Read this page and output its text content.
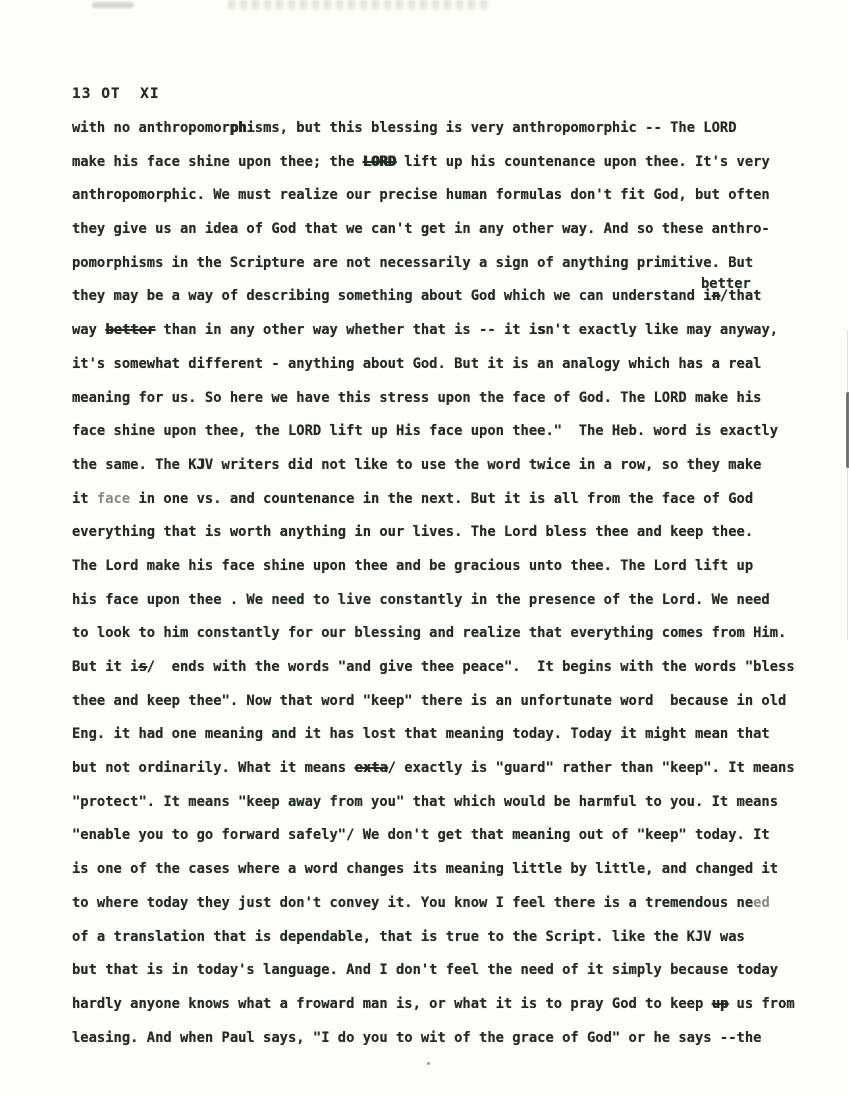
13 OT  XI
with no anthropomorphisms, but this blessing is very anthropomorphic -- The LORD
make his face shine upon thee; the LORD lift up his countenance upon thee. It's very
anthropomorphic. We must realize our precise human formulas don't fit God, but often
they give us an idea of God that we can't get in any other way. And so these anthro-
pomorphisms in the Scripture are not necessarily a sign of anything primitive. But
they may be a way of describing something about God which we can understand in/that
way better than in any other way whether that is -- it isn't exactly like may anyway,
it's somewhat different - anything about God. But it is an analogy which has a real
meaning for us. So here we have this stress upon the face of God. The LORD make his
face shine upon thee, the LORD lift up His face upon thee."  The Heb. word is exactly
the same. The KJV writers did not like to use the word twice in a row, so they make
it face in one vs. and countenance in the next. But it is all from the face of God
everything that is worth anything in our lives. The Lord bless thee and keep thee.
The Lord make his face shine upon thee and be gracious unto thee. The Lord lift up
his face upon thee . We need to live constantly in the presence of the Lord. We need
to look to him constantly for our blessing and realize that everything comes from Him.
But it is/  ends with the words "and give thee peace".  It begins with the words "bless
thee and keep thee". Now that word "keep" there is an unfortunate word  because in old
Eng. it had one meaning and it has lost that meaning today. Today it might mean that
but not ordinarily. What it means exta/ exactly is "guard" rather than "keep". It means
"protect". It means "keep away from you" that which would be harmful to you. It means
"enable you to go forward safely"/ We don't get that meaning out of "keep" today. It
is one of the cases where a word changes its meaning little by little, and changed it
to where today they just don't convey it. You know I feel there is a tremendous need
of a translation that is dependable, that is true to the Script. like the KJV was
but that is in today's language. And I don't feel the need of it simply because today
hardly anyone knows what a froward man is, or what it is to pray God to keep up us from
leasing. And when Paul says, "I do you to wit of the grace of God" or he says --the
better
